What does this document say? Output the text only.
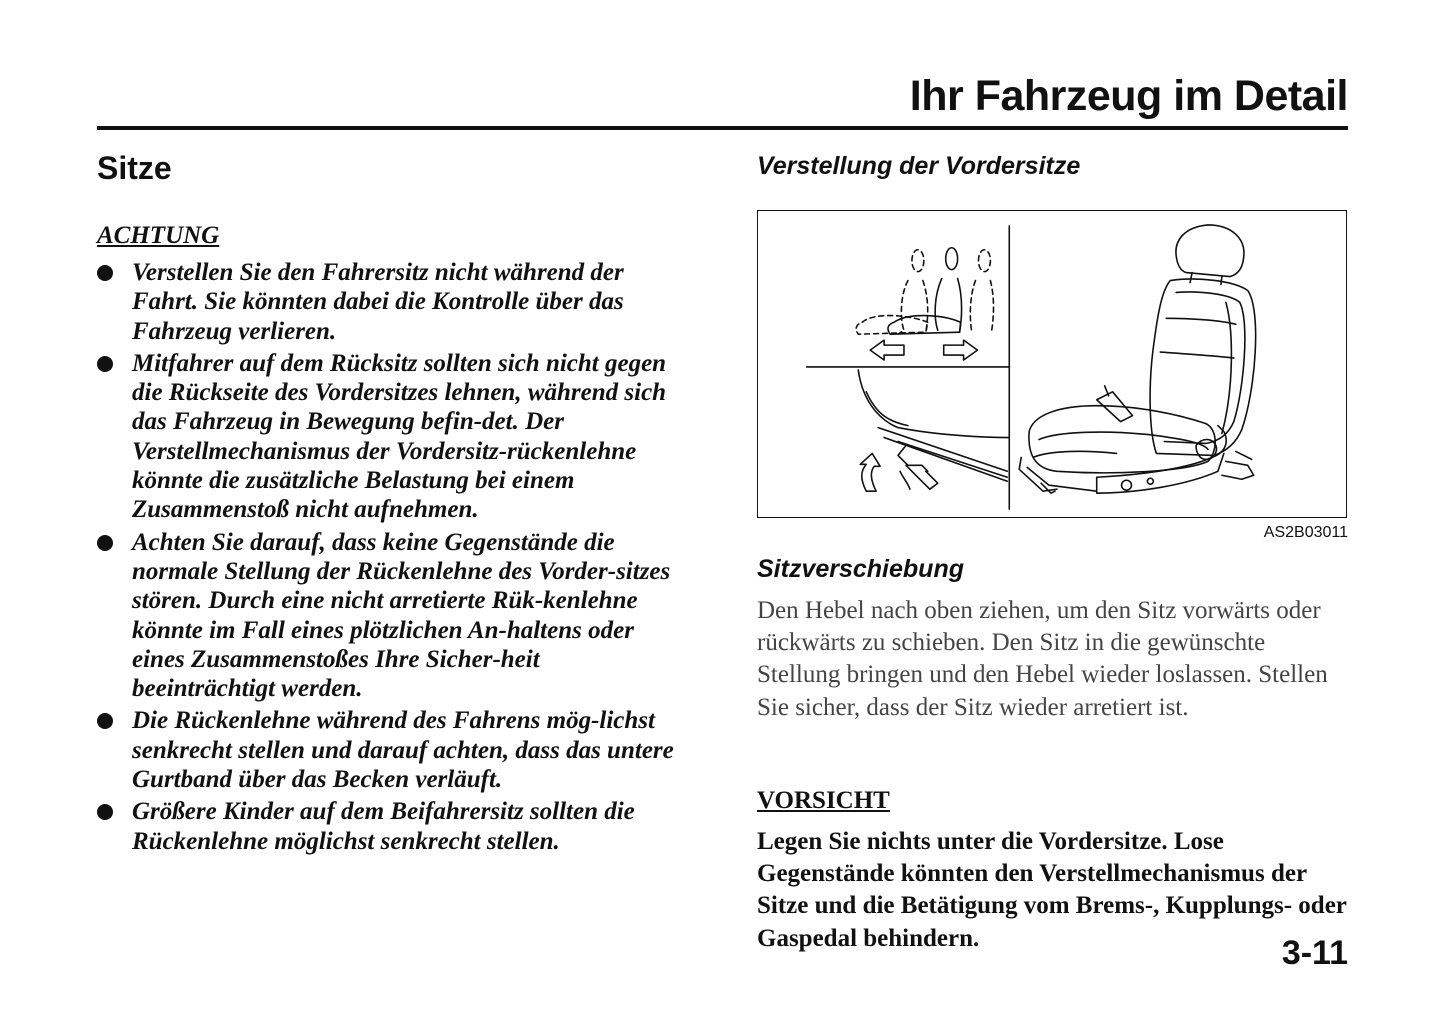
Ihr Fahrzeug im Detail
Sitze

ACHTUNG

Verstellen Sie den Fahrersitz nicht während der Fahrt. Sie könnten dabei die Kontrolle über das Fahrzeug verlieren.
Mitfahrer auf dem Rücksitz sollten sich nicht gegen die Rückseite des Vordersitzes lehnen, während sich das Fahrzeug in Bewegung befin-det. Der Verstellmechanismus der Vordersitz-rückenlehne könnte die zusätzliche Belastung bei einem Zusammenstoß nicht aufnehmen.
Achten Sie darauf, dass keine Gegenstände die normale Stellung der Rückenlehne des Vorder-sitzes stören. Durch eine nicht arretierte Rük-kenlehne könnte im Fall eines plötzlichen An-haltens oder eines Zusammenstoßes Ihre Sicher-heit beeinträchtigt werden.
Die Rückenlehne während des Fahrens mög-lichst senkrecht stellen und darauf achten, dass das untere Gurtband über das Becken verläuft.
Größere Kinder auf dem Beifahrersitz sollten die Rückenlehne möglichst senkrecht stellen.
Verstellung der Vordersitze

AS2B03011

Sitzverschiebung

Den Hebel nach oben ziehen, um den Sitz vorwärts oder rückwärts zu schieben. Den Sitz in die gewünschte Stellung bringen und den Hebel wieder loslassen. Stellen Sie sicher, dass der Sitz wieder arretiert ist.

VORSICHT

Legen Sie nichts unter die Vordersitze. Lose Gegenstände könnten den Verstellmechanismus der Sitze und die Betätigung vom Brems-, Kupplungs- oder Gaspedal behindern.	3-11
